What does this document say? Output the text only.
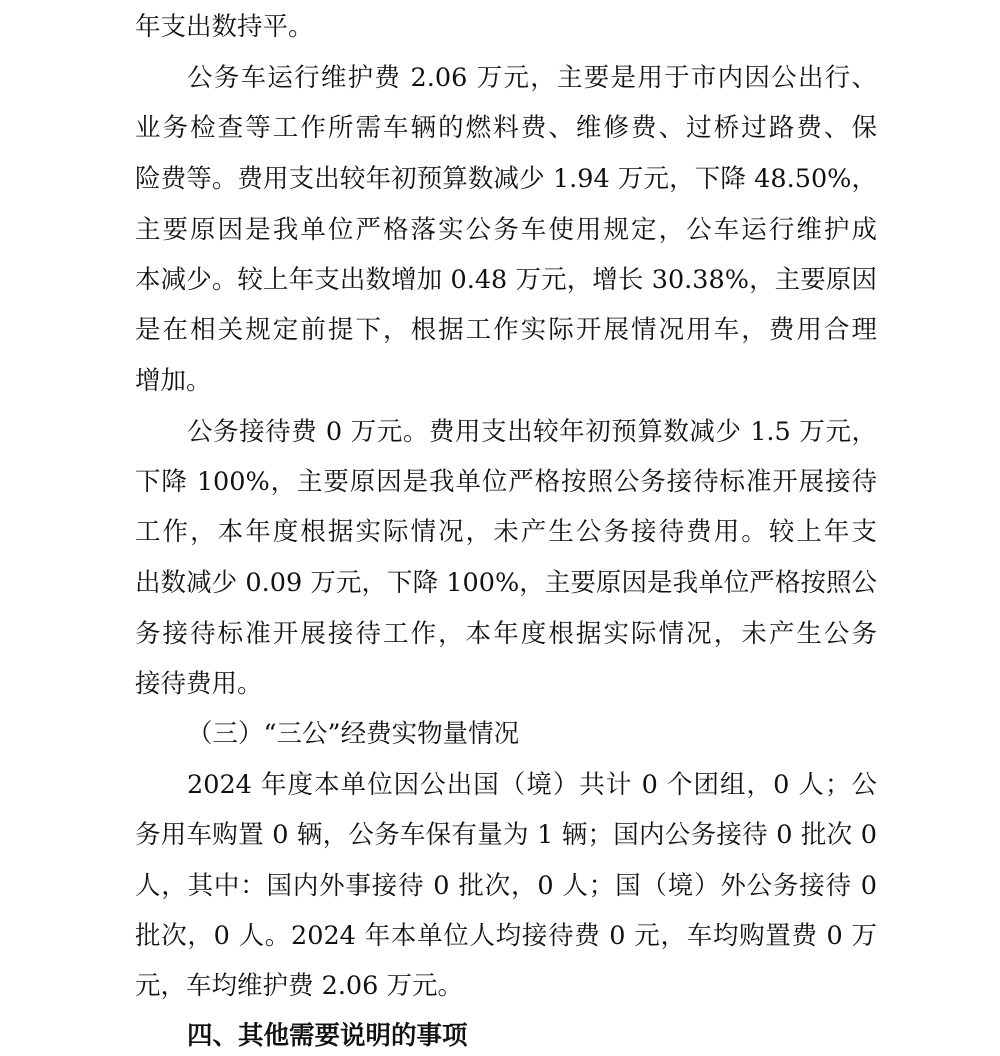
年支出数持平。
公务车运行维护费 2.06 万元，主要是用于市内因公出行、
业务检查等工作所需车辆的燃料费、维修费、过桥过路费、保
险费等。费用支出较年初预算数减少 1.94 万元，下降 48.50%，
主要原因是我单位严格落实公务车使用规定，公车运行维护成
本减少。较上年支出数增加 0.48 万元，增长 30.38%，主要原因
是在相关规定前提下，根据工作实际开展情况用车，费用合理
增加。
公务接待费 0 万元。费用支出较年初预算数减少 1.5 万元，
下降 100%，主要原因是我单位严格按照公务接待标准开展接待
工作，本年度根据实际情况，未产生公务接待费用。较上年支
出数减少 0.09 万元，下降 100%，主要原因是我单位严格按照公
务接待标准开展接待工作，本年度根据实际情况，未产生公务
接待费用。
（三）“三公”经费实物量情况
2024 年度本单位因公出国（境）共计 0 个团组，0 人；公
务用车购置 0 辆，公务车保有量为 1 辆；国内公务接待 0 批次 0
人，其中：国内外事接待 0 批次，0 人；国（境）外公务接待 0
批次，0 人。2024 年本单位人均接待费 0 元，车均购置费 0 万
元，车均维护费 2.06 万元。
四、其他需要说明的事项
